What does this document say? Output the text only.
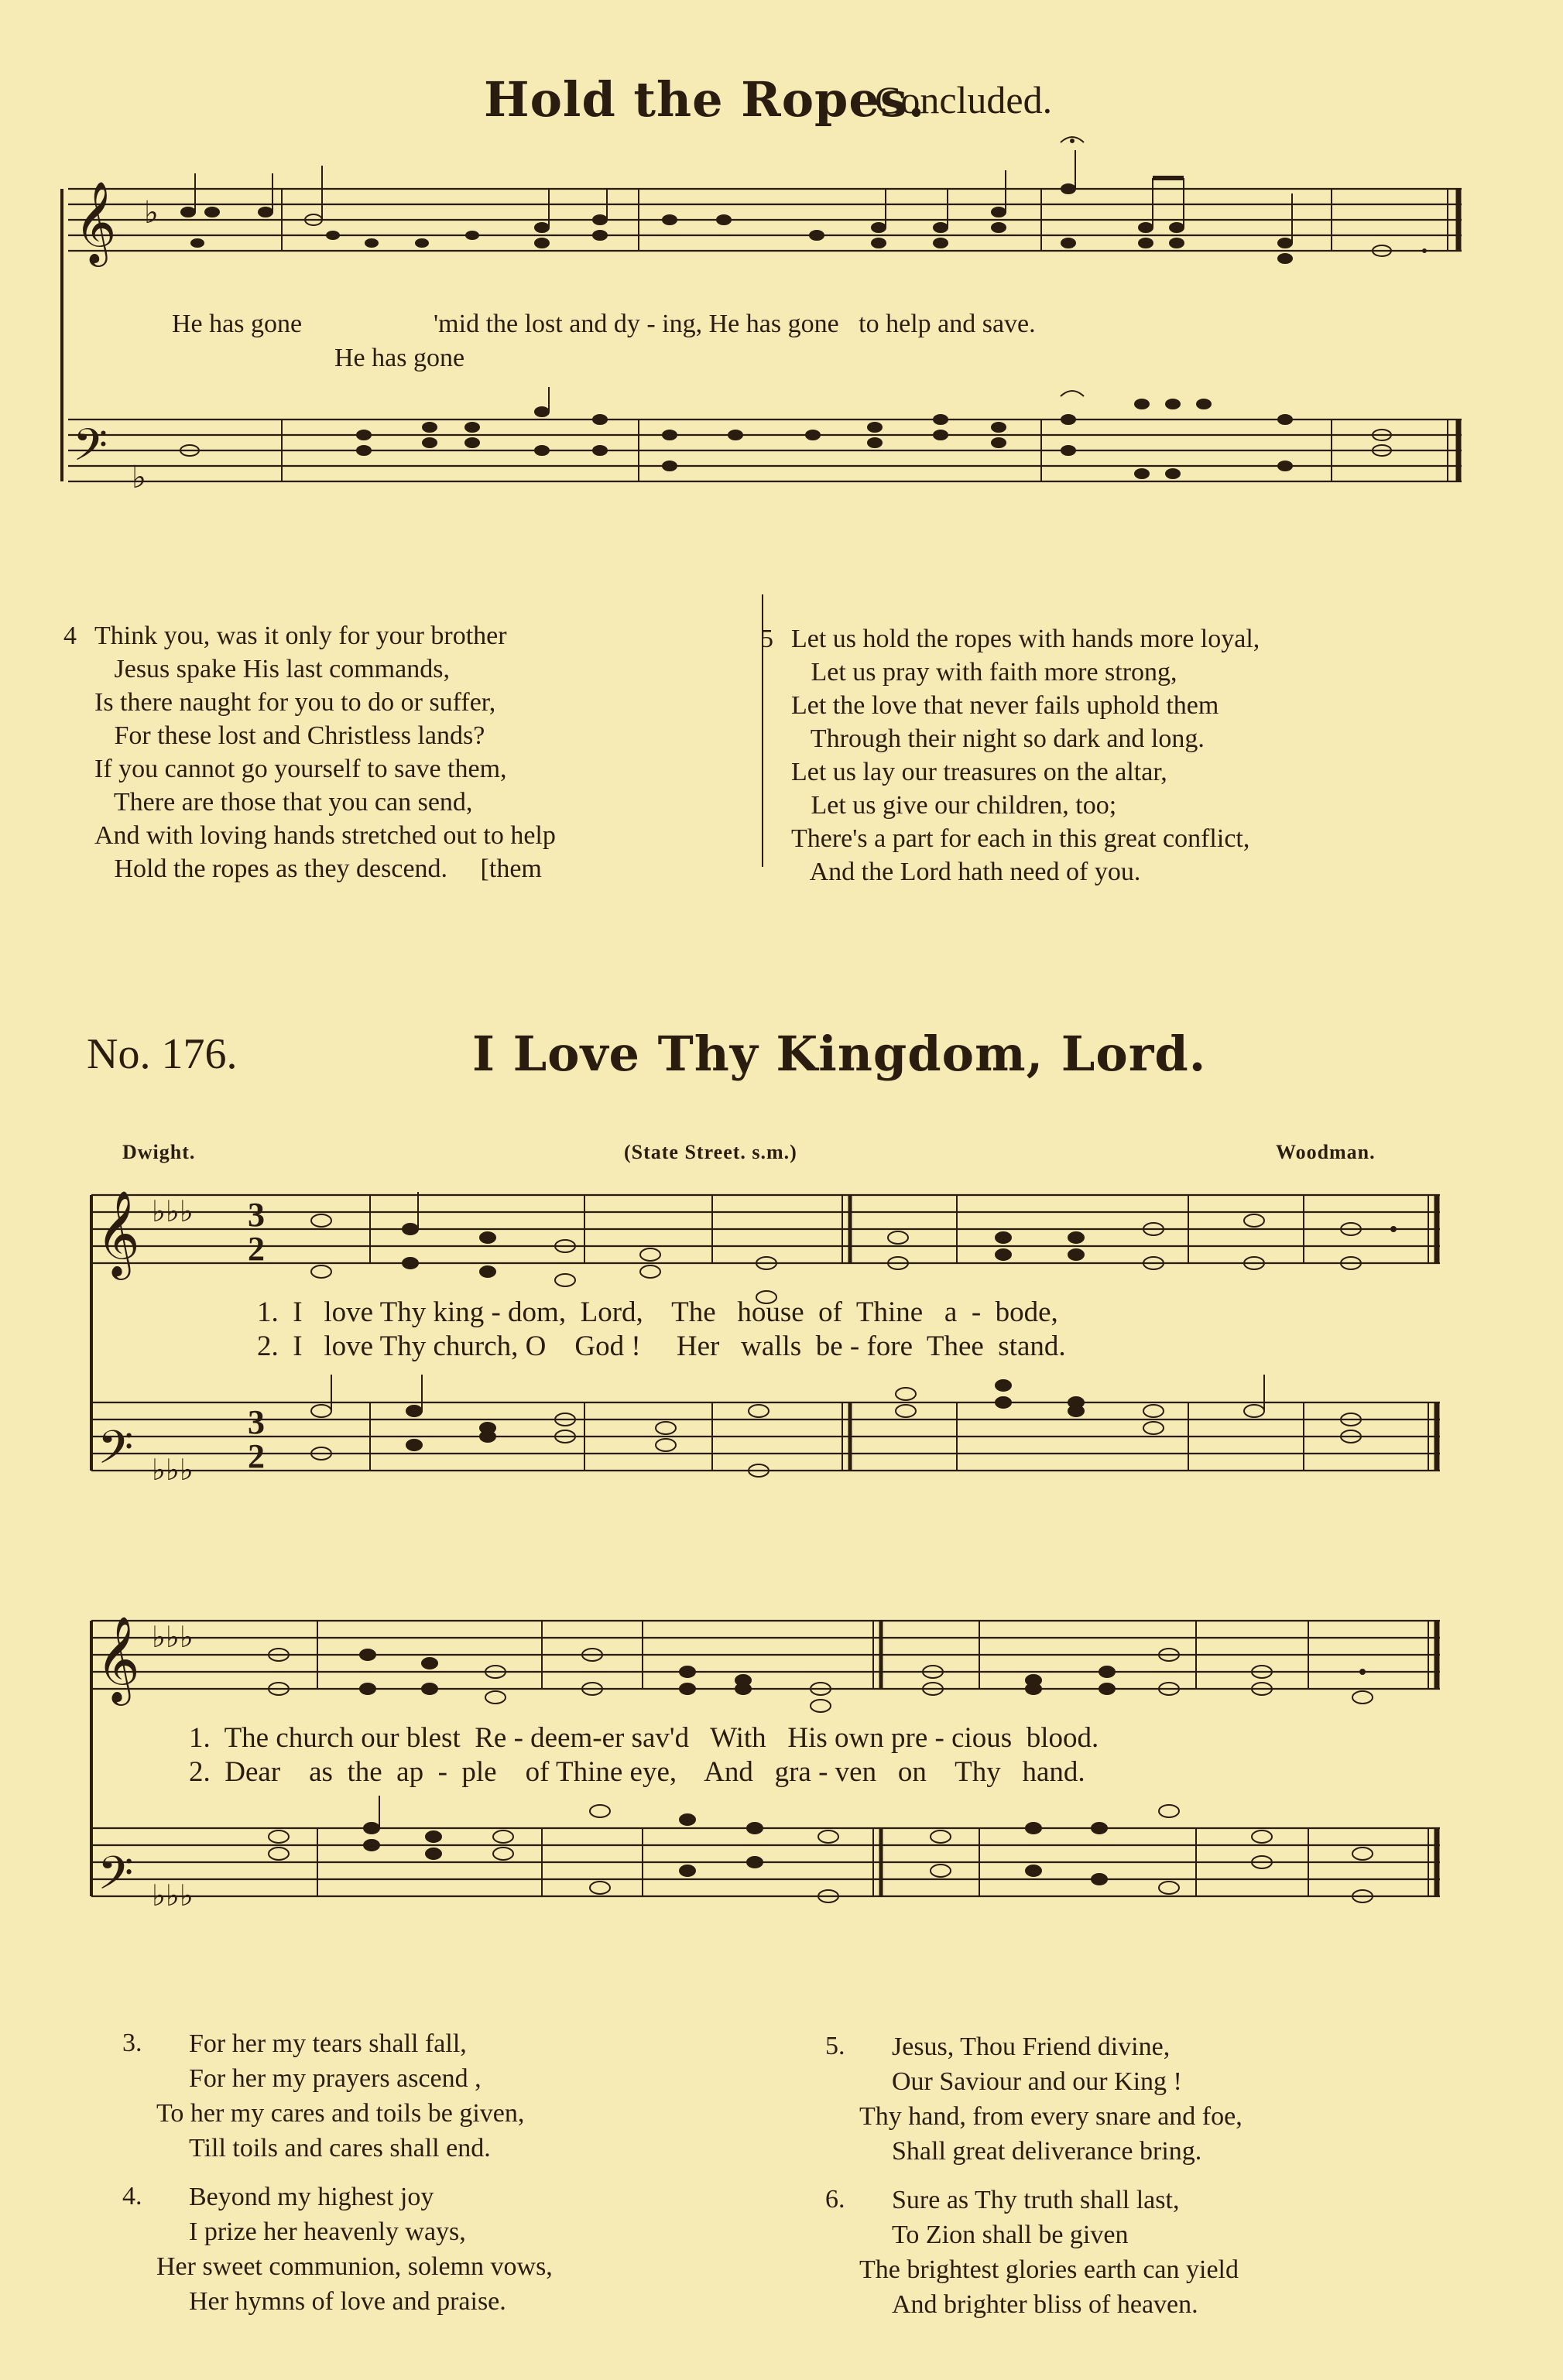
Hold the Ropes.
Concluded.
𝄞
𝄢
♭
♭
He has gone                    'mid the lost and dy - ing, He has gone   to help and save.
He has gone
4 Think you, was it only for your brother
Jesus spake His last commands,
Is there naught for you to do or suffer,
For these lost and Christless lands?
If you cannot go yourself to save them,
There are those that you can send,
And with loving hands stretched out to help
Hold the ropes as they descend.     [them
5 Let us hold the ropes with hands more loyal,
Let us pray with faith more strong,
Let the love that never fails uphold them
Through their night so dark and long.
Let us lay our treasures on the altar,
Let us give our children, too;
There's a part for each in this great conflict,
And the Lord hath need of you.
No. 176.	I Love Thy Kingdom, Lord.
Dwight.	(State Street. s.m.)	Woodman.
𝄞
𝄢
𝄞
𝄢
♭♭♭
♭♭♭
♭♭♭
♭♭♭
3
2
3
2
1.  I   love Thy king - dom,  Lord,    The   house  of  Thine   a  -  bode,
2.  I   love Thy church, O    God !     Her   walls  be - fore  Thee  stand.
1.  The church our blest  Re - deem-er sav'd   With   His own pre - cious  blood.
2.  Dear    as  the  ap  -  ple    of Thine eye,    And   gra - ven   on    Thy   hand.
3.	For her my tears shall fall,
For her my prayers ascend ,
To her my cares and toils be given,
Till toils and cares shall end.
4.	Beyond my highest joy
I prize her heavenly ways,
Her sweet communion, solemn vows,
Her hymns of love and praise.
5.	Jesus, Thou Friend divine,
Our Saviour and our King !
Thy hand, from every snare and foe,
Shall great deliverance bring.
6.	Sure as Thy truth shall last,
To Zion shall be given
The brightest glories earth can yield
And brighter bliss of heaven.
